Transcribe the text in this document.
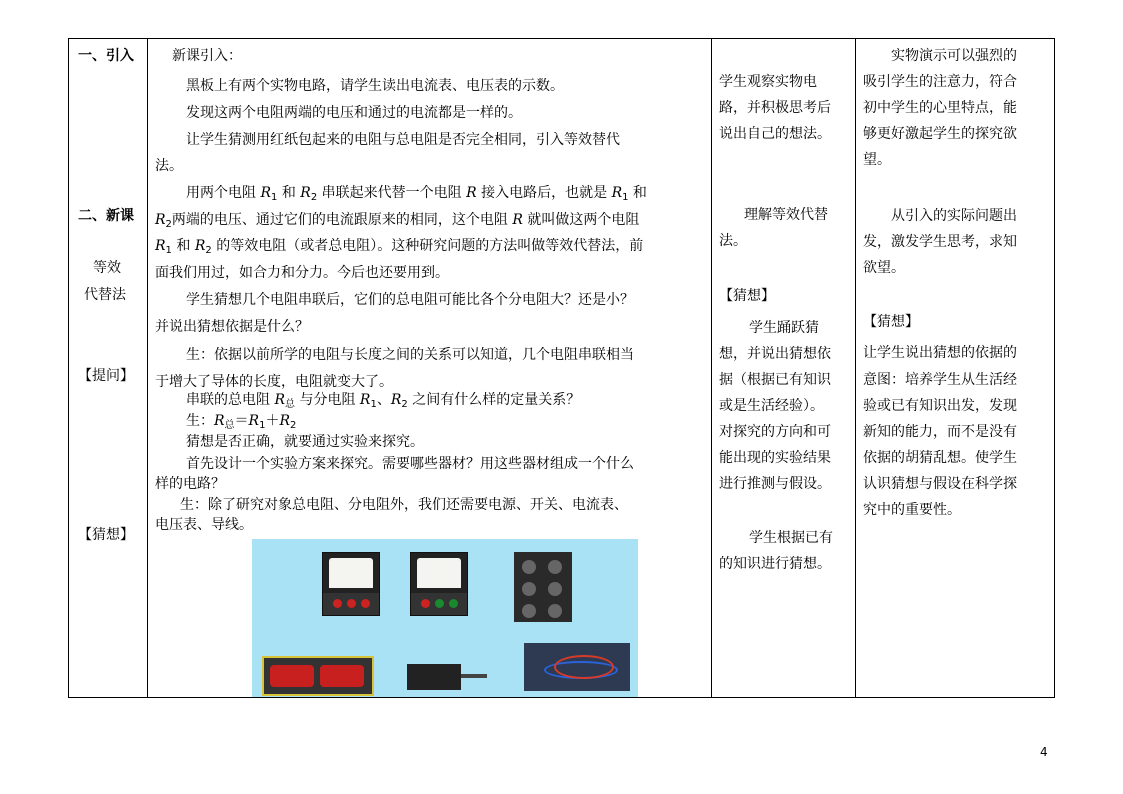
一、引入
二、新课
等效
代替法
【提问】
【猜想】
新课引入：
黑板上有两个实物电路，请学生读出电流表、电压表的示数。
发现这两个电阻两端的电压和通过的电流都是一样的。
让学生猜测用红纸包起来的电阻与总电阻是否完全相同，引入等效替代
法。
用两个电阻 $R_1$ 和 $R_2$ 串联起来代替一个电阻 R 接入电路后，也就是 $R_1$ 和
$R_2$两端的电压、通过它们的电流跟原来的相同，这个电阻 R 就叫做这两个电阻
$R_1$ 和 $R_2$ 的等效电阻（或者总电阻）。这种研究问题的方法叫做等效代替法，前
面我们用过，如合力和分力。今后也还要用到。
学生猜想几个电阻串联后，它们的总电阻可能比各个分电阻大？还是小？
并说出猜想依据是什么？
生：依据以前所学的电阻与长度之间的关系可以知道，几个电阻串联相当
于增大了导体的长度，电阻就变大了。
串联的总电阻 $R_总$ 与分电阻 $R_1$、$R_2$ 之间有什么样的定量关系？
生：$R_总=R_1+R_2$
猜想是否正确，就要通过实验来探究。
首先设计一个实验方案来探究。需要哪些器材？用这些器材组成一个什么
样的电路？
生：除了研究对象总电阻、分电阻外，我们还需要电源、开关、电流表、
电压表、导线。
学生观察实物电
路，并积极思考后
说出自己的想法。
理解等效代替
法。
【猜想】
学生踊跃猜
想，并说出猜想依
据（根据已有知识
或是生活经验）。
对探究的方向和可
能出现的实验结果
进行推测与假设。
学生根据已有
的知识进行猜想。
实物演示可以强烈的
吸引学生的注意力，符合
初中学生的心里特点，能
够更好激起学生的探究欲
望。
从引入的实际问题出
发，激发学生思考，求知
欲望。
【猜想】
让学生说出猜想的依据的
意图：培养学生从生活经
验或已有知识出发，发现
新知的能力，而不是没有
依据的胡猜乱想。使学生
认识猜想与假设在科学探
究中的重要性。
4
